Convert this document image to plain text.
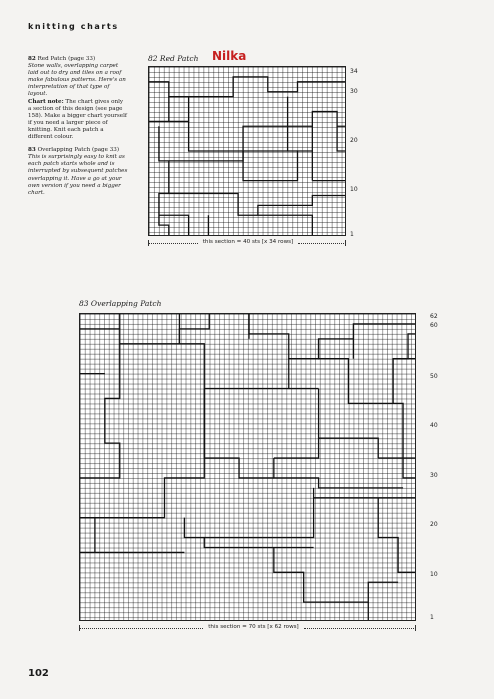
knitting charts

82 Red Patch (page 33)
Stone walls, overlapping carpet laid out to dry and tiles on a roof make fabulous patterns. Here's an interpretation of that type of layout.
Chart note: The chart gives only a section of this design (see page 158). Make a bigger chart yourself if you need a larger piece of knitting. Knit each patch a different colour.

83 Overlapping Patch (page 33)
This is surprisingly easy to knit as each patch starts whole and is interrupted by subsequent patches overlapping it. Have a go at your own version if you need a bigger chart.

82 Red Patch Nilka
34
30
20
10
1
this section = 40 sts [x 34 rows]
83 Overlapping Patch
62
60
50
40
30
20
10
1
this section = 70 sts [x 62 rows]
102
